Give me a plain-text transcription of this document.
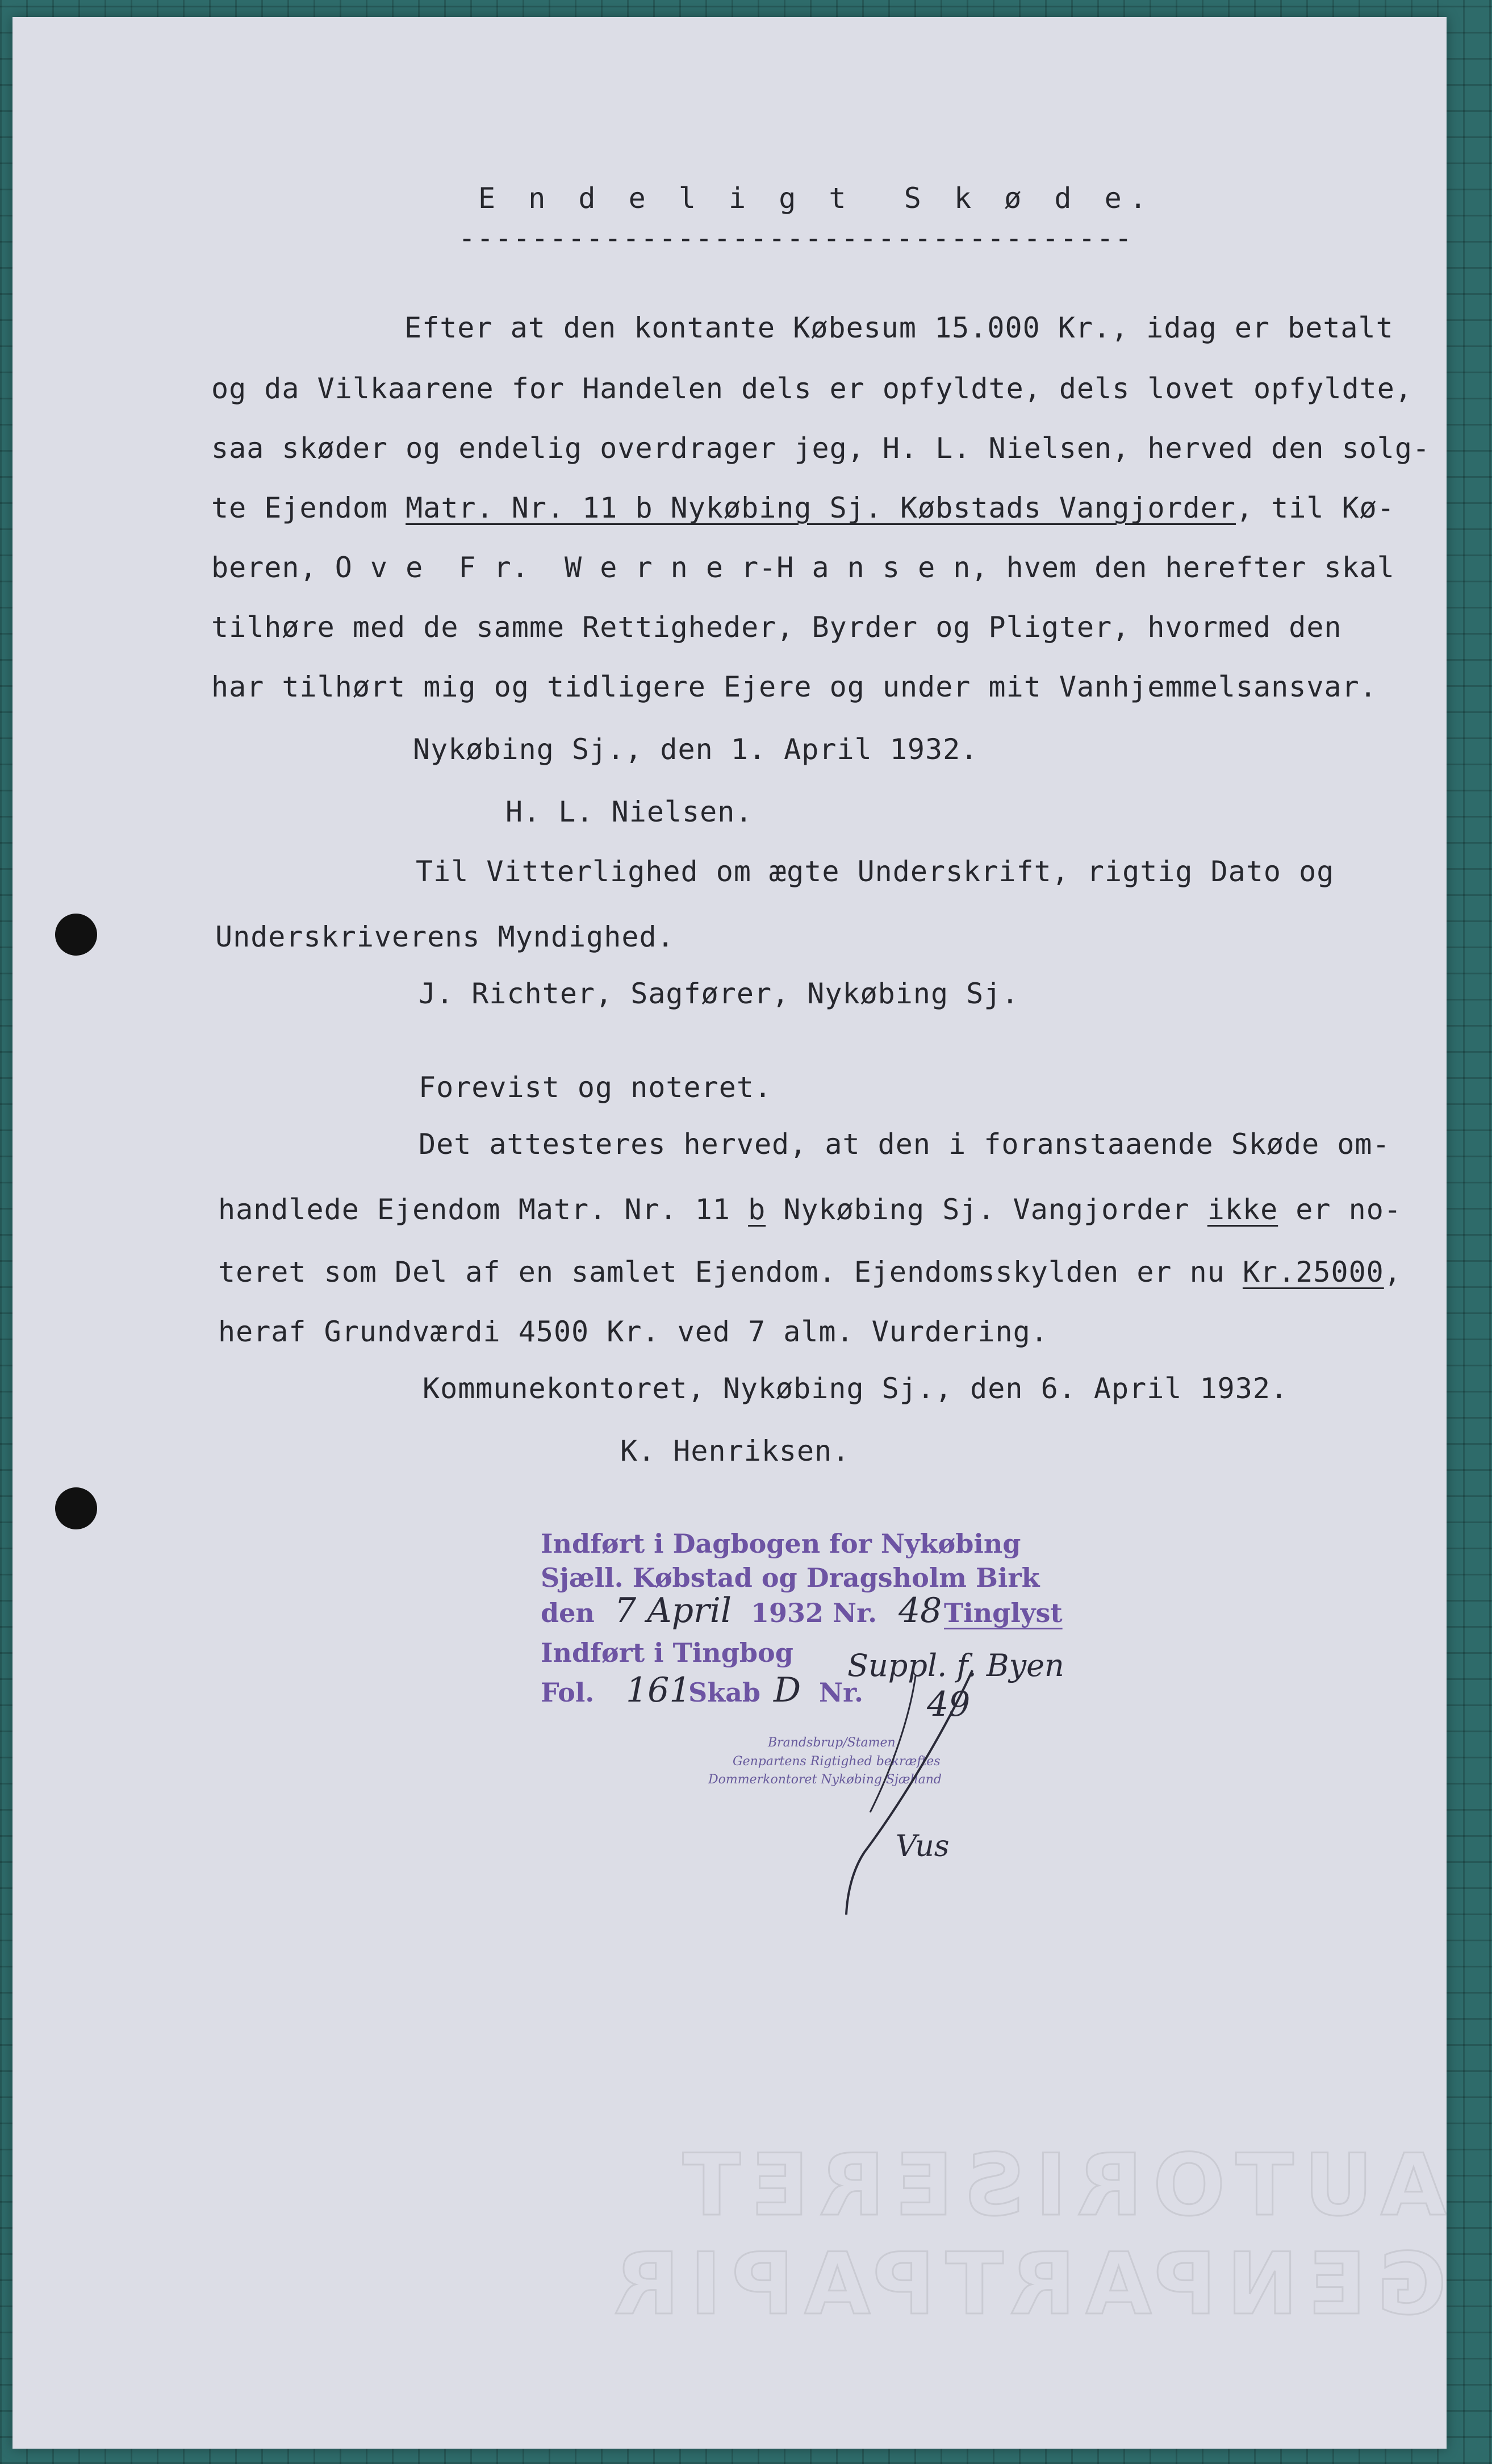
E n d e l i g t  S k ø d e.
-------------------------------------
Efter at den kontante Købesum 15.000 Kr., idag er betalt
og da Vilkaarene for Handelen dels er opfyldte, dels lovet opfyldte,
saa skøder og endelig overdrager jeg, H. L. Nielsen, herved den solg-
te Ejendom Matr. Nr. 11 b Nykøbing Sj. Købstads Vangjorder, til Kø-
beren, O v e  F r.  W e r n e r-H a n s e n, hvem den herefter skal
tilhøre med de samme Rettigheder, Byrder og Pligter, hvormed den
har tilhørt mig og tidligere Ejere og under mit Vanhjemmelsansvar.
Nykøbing Sj., den 1. April 1932.
H. L. Nielsen.
Til Vitterlighed om ægte Underskrift, rigtig Dato og
Underskriverens Myndighed.
J. Richter, Sagfører, Nykøbing Sj.
Forevist og noteret.
Det attesteres herved, at den i foranstaaende Skøde om-
handlede Ejendom Matr. Nr. 11 b Nykøbing Sj. Vangjorder ikke er no-
teret som Del af en samlet Ejendom. Ejendomsskylden er nu Kr.25000,
heraf Grundværdi 4500 Kr. ved 7 alm. Vurdering.
Kommunekontoret, Nykøbing Sj., den 6. April 1932.
K. Henriksen.
Indført i Dagbogen for Nykøbing
Sjæll. Købstad og Dragsholm Birk
den 7 April 1932 Nr. 48 Tinglyst
Indført i Tingbog
Fol. 161
Skab D Nr. 49
Suppl. f. Byen
Brandsbrup/Stamen
Genpartens Rigtighed bekræftes
Dommerkontoret Nykøbing Sjælland
Vus
AUTORISERET GENPARTPAPIR
